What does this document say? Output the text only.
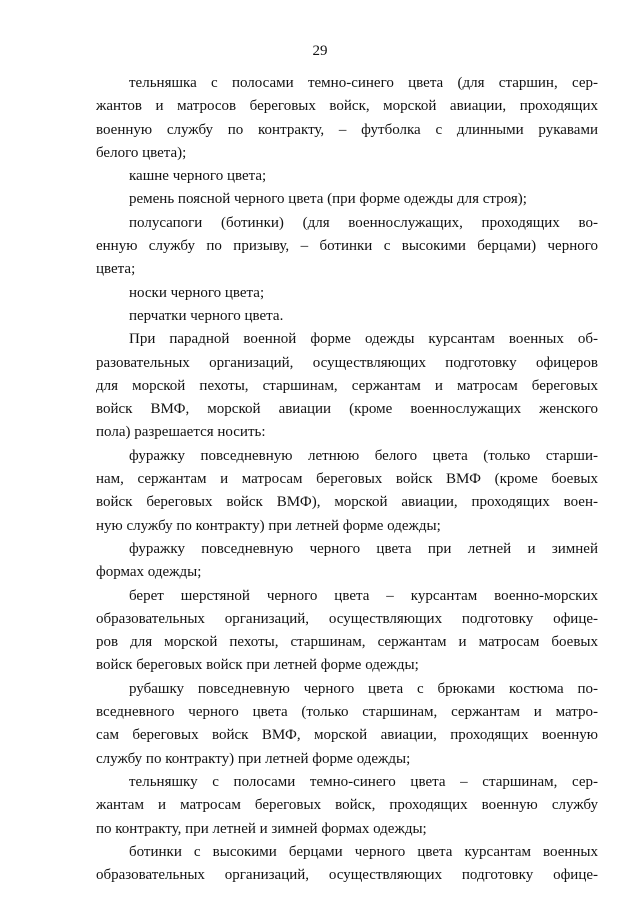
29

тельняшка с полосами темно-синего цвета (для старшин, сер-
жантов и матросов береговых войск, морской авиации, проходящих
военную службу по контракту, – футболка с длинными рукавами
белого цвета);

кашне черного цвета;

ремень поясной черного цвета (при форме одежды для строя);

полусапоги (ботинки) (для военнослужащих, проходящих во-
енную службу по призыву, – ботинки с высокими берцами) черного
цвета;

носки черного цвета;

перчатки черного цвета.

При парадной военной форме одежды курсантам военных об-
разовательных организаций, осуществляющих подготовку офицеров
для морской пехоты, старшинам, сержантам и матросам береговых
войск ВМФ, морской авиации (кроме военнослужащих женского
пола) разрешается носить:

фуражку повседневную летнюю белого цвета (только старши-
нам, сержантам и матросам береговых войск ВМФ (кроме боевых
войск береговых войск ВМФ), морской авиации, проходящих воен-
ную службу по контракту) при летней форме одежды;

фуражку повседневную черного цвета при летней и зимней
формах одежды;

берет шерстяной черного цвета – курсантам военно-морских
образовательных организаций, осуществляющих подготовку офице-
ров для морской пехоты, старшинам, сержантам и матросам боевых
войск береговых войск при летней форме одежды;

рубашку повседневную черного цвета с брюками костюма по-
вседневного черного цвета (только старшинам, сержантам и матро-
сам береговых войск ВМФ, морской авиации, проходящих военную
службу по контракту) при летней форме одежды;

тельняшку с полосами темно-синего цвета – старшинам, сер-
жантам и матросам береговых войск, проходящих военную службу
по контракту, при летней и зимней формах одежды;

ботинки с высокими берцами черного цвета курсантам военных
образовательных организаций, осуществляющих подготовку офице-
